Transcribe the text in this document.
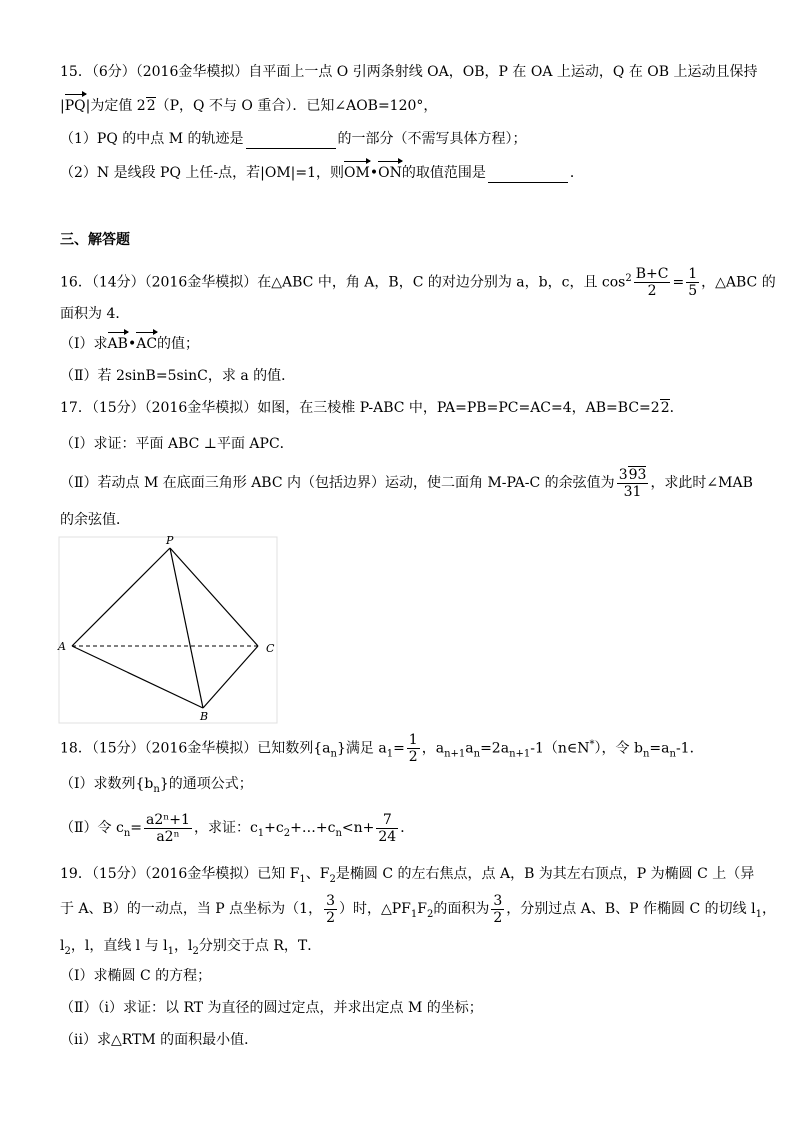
15．（6分）（2016金华模拟）自平面上一点 O 引两条射线 OA，OB，P 在 OA 上运动，Q 在 OB 上运动且保持
|PQ|为定值 22（P，Q 不与 O 重合）．已知∠AOB=120°，
（1）PQ 的中点 M 的轨迹是	的一部分（不需写具体方程）；
（2）N 是线段 PQ 上任-点，若|OM|=1，则OM•ON的取值范围是	．
三、解答题
16．（14分）（2016金华模拟）在△ABC 中，角 A，B，C 的对边分别为 a，b，c，且 $\cos^2 \frac{B+C}{2} = \frac{1}{5}$ ，△ABC 的
面积为 4．
（Ⅰ）求AB•AC的值；
（Ⅱ）若 2sinB=5sinC，求 a 的值．
17．（15分）（2016金华模拟）如图，在三棱椎 P-ABC 中，PA=PB=PC=AC=4，AB=BC=22．
（Ⅰ）求证：平面 ABC ⊥平面 APC．
（Ⅱ）若动点 M 在底面三角形 ABC 内（包括边界）运动，使二面角 M-PA-C 的余弦值为 $\frac{393}{31}$ ，求此时∠MAB
的余弦值．
P
A	C
B
18．（15分）（2016金华模拟）已知数列$\{a_n\}$满足 $a_1= \frac{1}{2}$ ，$a_{n+1}a_n=2a_{n+1}-1(n\in N^*)$，令 $b_n=a_n-1$．
（Ⅰ）求数列$\{b_n\}$的通项公式；
（Ⅱ）令 $c_n= \frac{\text{a2ⁿ+1}}{\text{a2ⁿ}}$ ，求证：$c_1+c_2+\dots+c_n<n+ \frac{7}{24}$ ．
19．（15分）（2016金华模拟）已知 $F_1$、$F_2$是椭圆 C 的左右焦点，点 A，B 为其左右顶点，P 为椭圆 C 上（异
于 A、B）的一动点，当 P 点坐标为（1， $\frac{3}{2}$ ）时，$\triangle PF_1F_2$的面积为 $\frac{3}{2}$ ，分别过点 A、B、P 作椭圆 C 的切线 $l_1$，
$l_2$，l，直线 l 与 $l_1$，$l_2$分别交于点 R，T．
（Ⅰ）求椭圆 C 的方程；
（Ⅱ）（i）求证：以 RT 为直径的圆过定点，并求出定点 M 的坐标；
（ii）求△RTM 的面积最小值．
